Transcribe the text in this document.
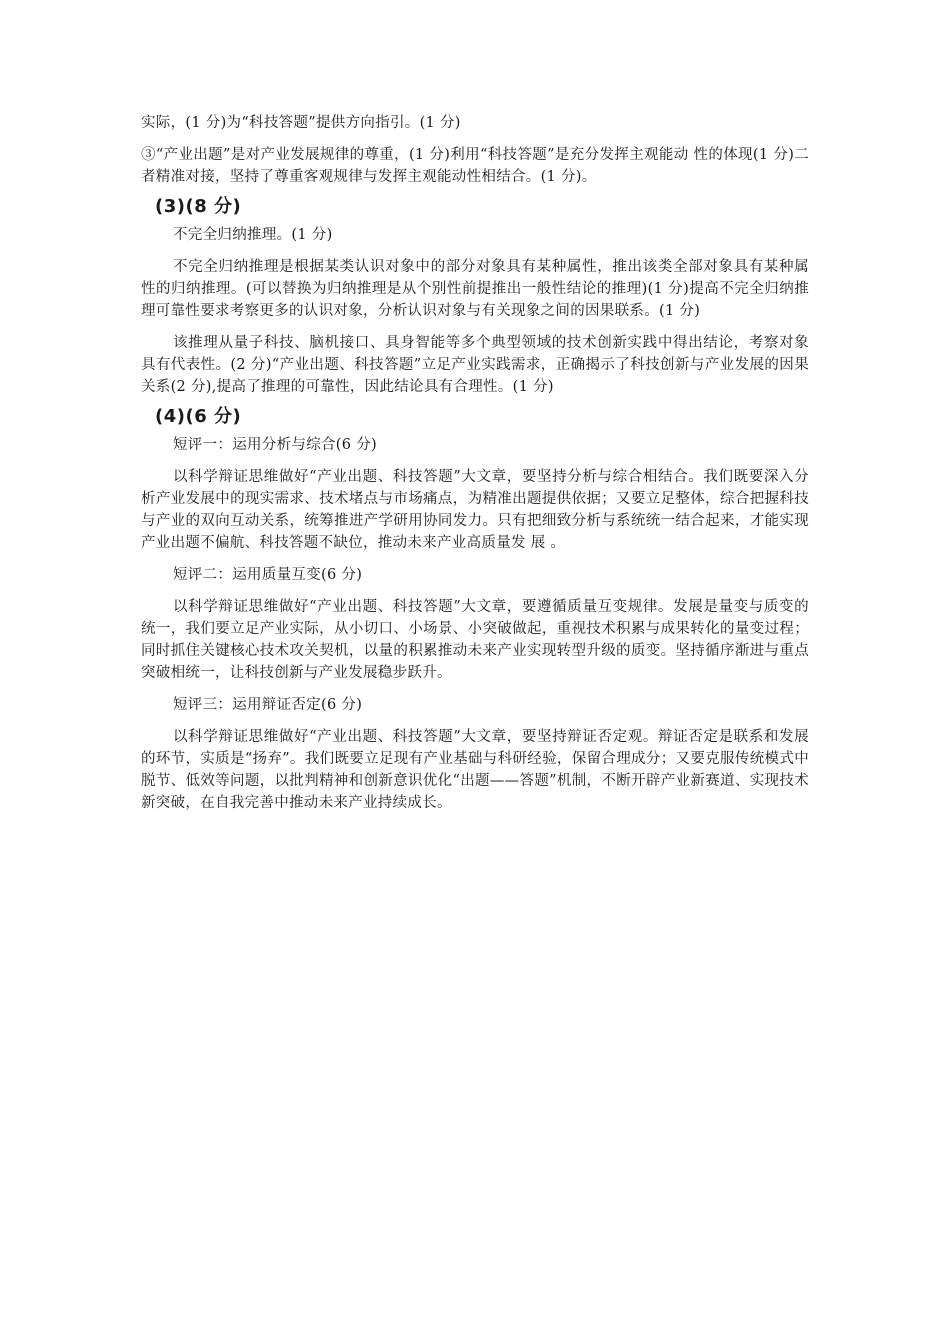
实际，(1 分)为“科技答题”提供方向指引。(1 分)

③“产业出题”是对产业发展规律的尊重，(1 分)利用“科技答题”是充分发挥主观能动 性的体现(1 分)二者精准对接，坚持了尊重客观规律与发挥主观能动性相结合。(1 分)。

(3)(8 分)

不完全归纳推理。(1 分)

不完全归纳推理是根据某类认识对象中的部分对象具有某种属性，推出该类全部对象具有某种属性的归纳推理。(可以替换为归纳推理是从个别性前提推出一般性结论的推理)(1 分)提高不完全归纳推理可靠性要求考察更多的认识对象，分析认识对象与有关现象之间的因果联系。(1 分)

该推理从量子科技、脑机接口、具身智能等多个典型领域的技术创新实践中得出结论，考察对象具有代表性。(2 分)“产业出题、科技答题”立足产业实践需求，正确揭示了科技创新与产业发展的因果关系(2 分),提高了推理的可靠性，因此结论具有合理性。(1 分)

(4)(6 分)

短评一：运用分析与综合(6 分)

以科学辩证思维做好“产业出题、科技答题”大文章，要坚持分析与综合相结合。我们既要深入分析产业发展中的现实需求、技术堵点与市场痛点，为精准出题提供依据；又要立足整体，综合把握科技与产业的双向互动关系，统筹推进产学研用协同发力。只有把细致分析与系统统一结合起来，才能实现产业出题不偏航、科技答题不缺位，推动未来产业高质量发 展 。

短评二：运用质量互变(6 分)

以科学辩证思维做好“产业出题、科技答题”大文章，要遵循质量互变规律。发展是量变与质变的统一，我们要立足产业实际，从小切口、小场景、小突破做起，重视技术积累与成果转化的量变过程；同时抓住关键核心技术攻关契机，以量的积累推动未来产业实现转型升级的质变。坚持循序渐进与重点突破相统一，让科技创新与产业发展稳步跃升。

短评三：运用辩证否定(6 分)

以科学辩证思维做好“产业出题、科技答题”大文章，要坚持辩证否定观。辩证否定是联系和发展的环节，实质是“扬弃”。我们既要立足现有产业基础与科研经验，保留合理成分；又要克服传统模式中脱节、低效等问题，以批判精神和创新意识优化“出题——答题”机制，不断开辟产业新赛道、实现技术新突破，在自我完善中推动未来产业持续成长。
